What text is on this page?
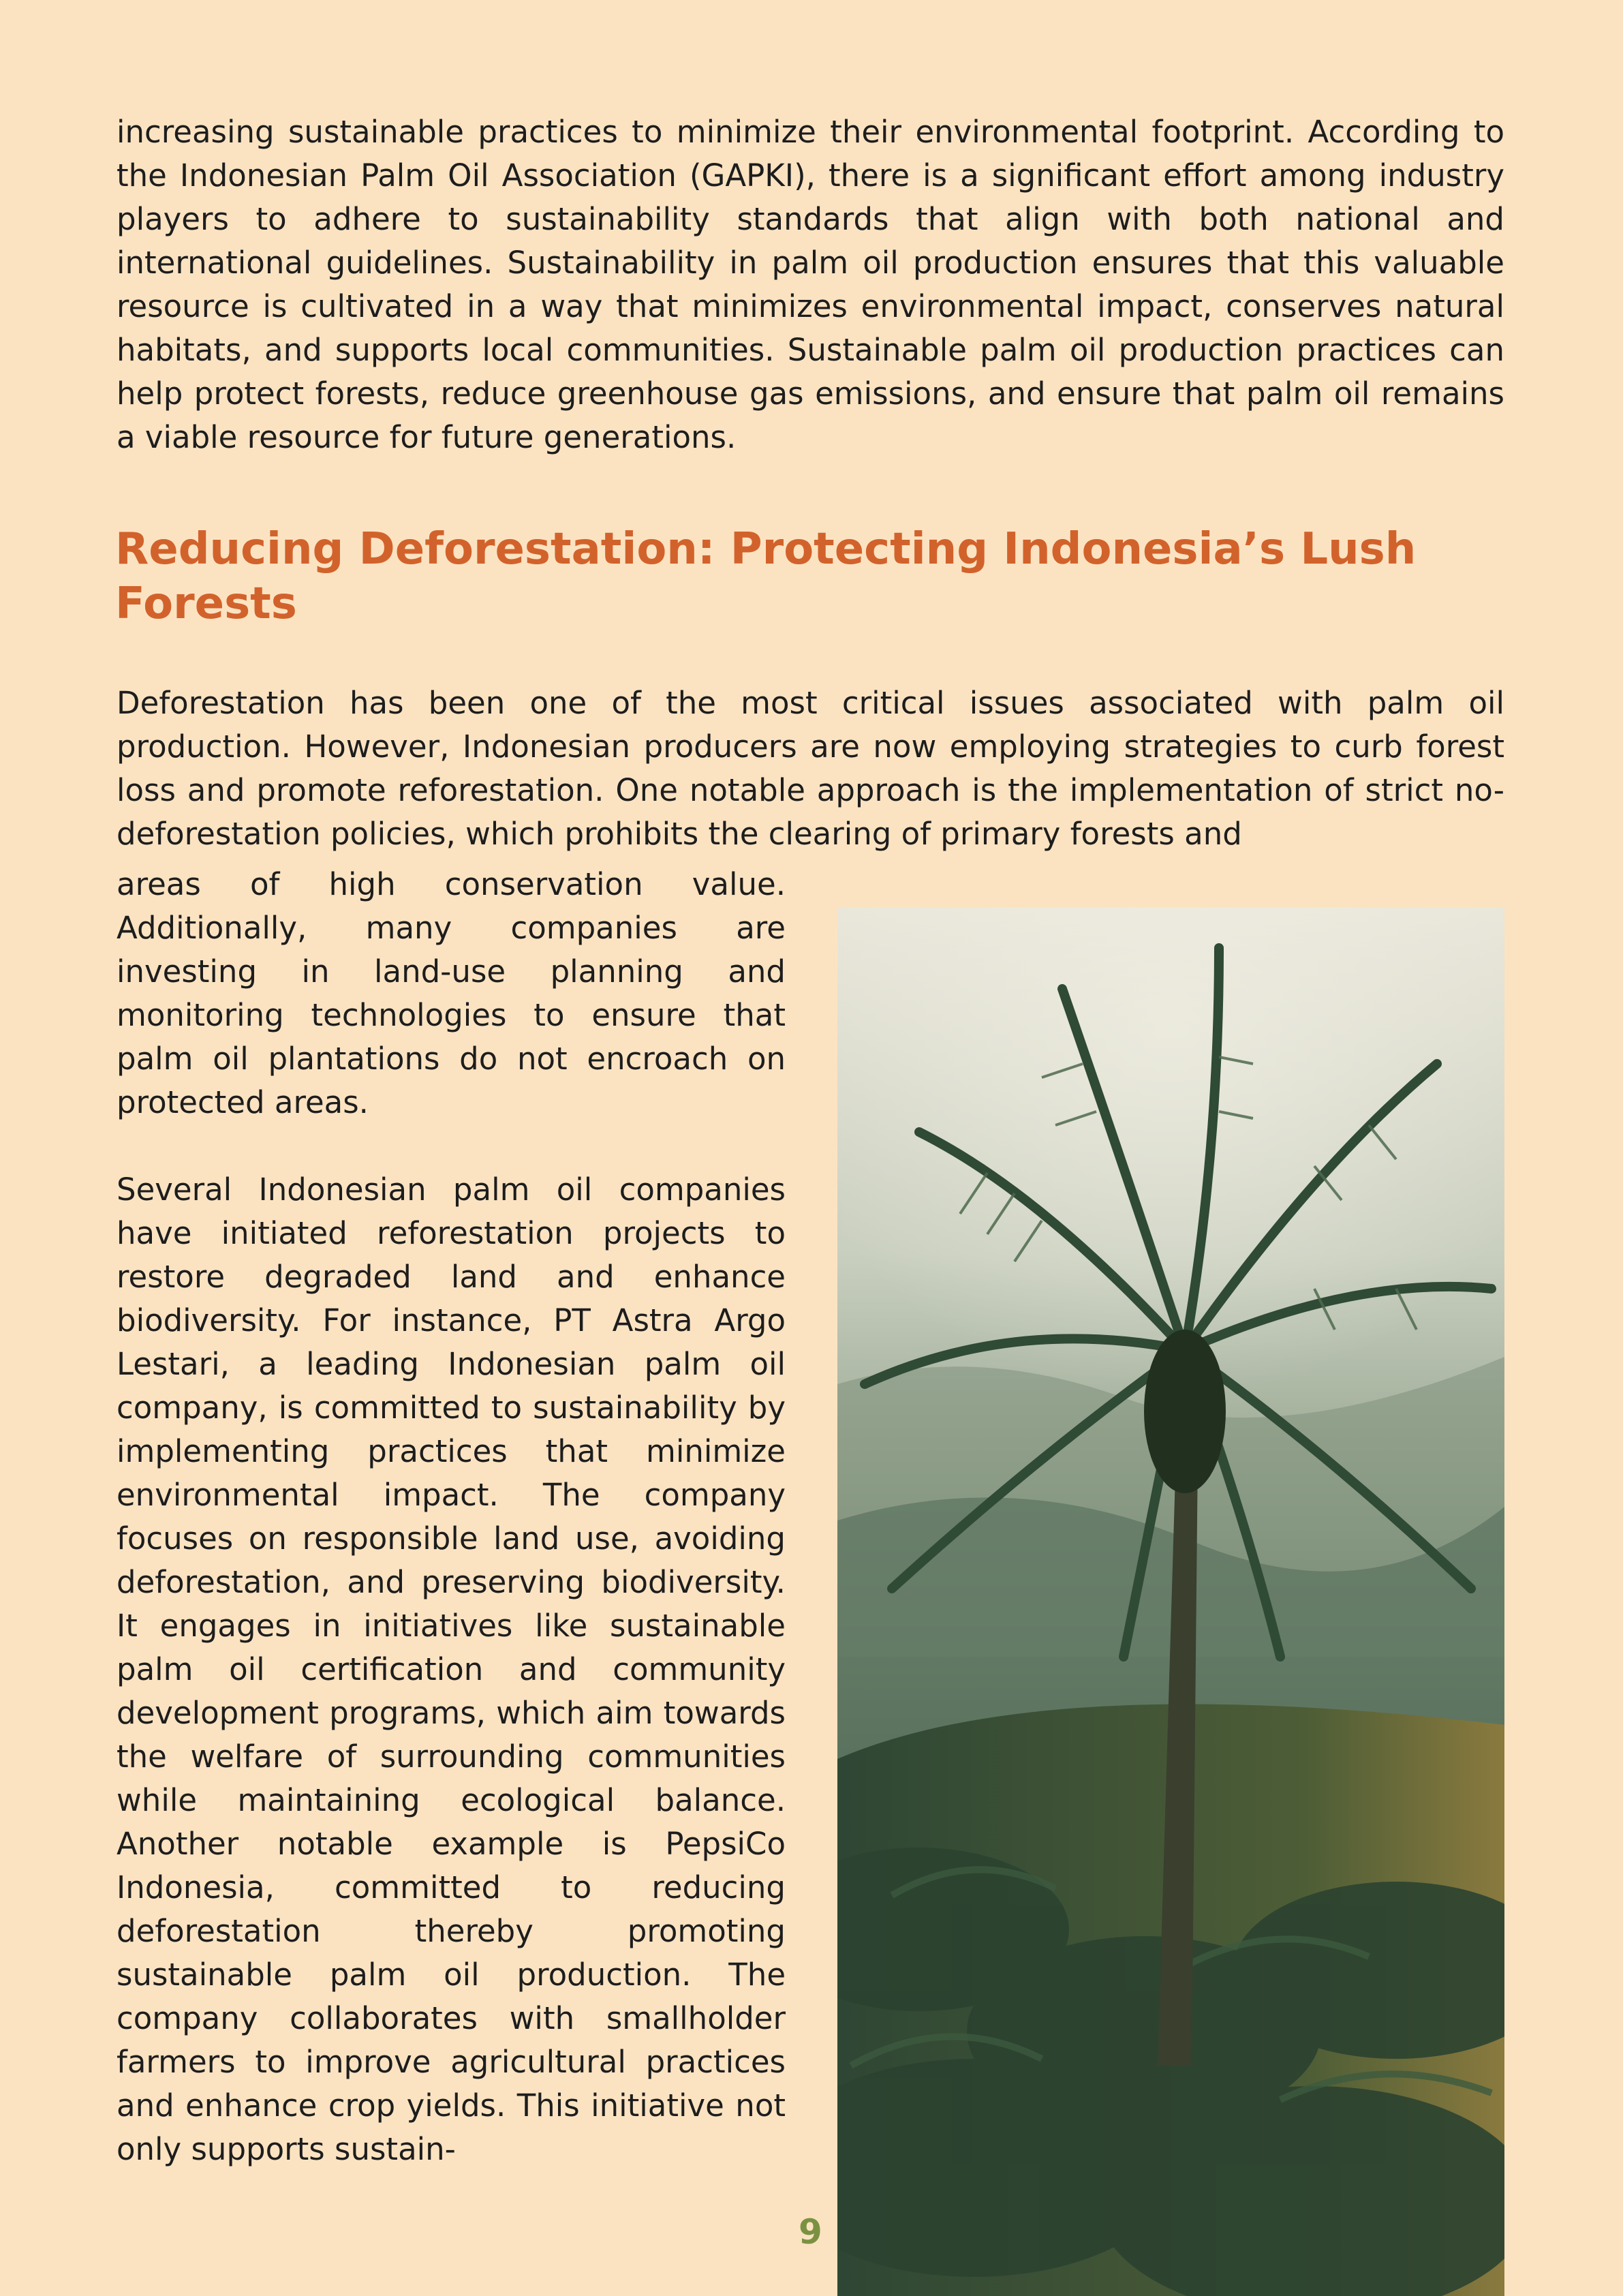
increasing sustainable practices to minimize their environmental footprint. According to the Indonesian Palm Oil Association (GAPKI), there is a significant effort among industry players to adhere to sustainability standards that align with both national and international guidelines. Sustainability in palm oil production ensures that this valuable resource is cultivated in a way that minimizes environmental impact, conserves natural habitats, and supports local communities. Sustainable palm oil production practices can help protect forests, reduce greenhouse gas emissions, and ensure that palm oil remains a viable resource for future generations.

Reducing Deforestation: Protecting Indonesia’s Lush Forests

Deforestation has been one of the most critical issues associated with palm oil production. However, Indonesian producers are now employing strategies to curb forest loss and promote reforestation. One notable approach is the implementation of strict no-deforestation policies, which prohibits the clearing of primary forests and

areas of high conservation value. Additionally, many companies are investing in land-use planning and monitoring technologies to ensure that palm oil plantations do not encroach on protected areas.

Several Indonesian palm oil companies have initiated reforestation projects to restore degraded land and enhance biodiversity. For instance, PT Astra Argo Lestari, a leading Indonesian palm oil company, is committed to sustainability by implementing practices that minimize environmental impact. The company focuses on responsible land use, avoiding deforestation, and preserving biodiversity. It engages in initiatives like sustainable palm oil certification and community development programs, which aim towards the welfare of surrounding communities while maintaining ecological balance. Another notable example is PepsiCo Indonesia, committed to reducing deforestation thereby promoting sustainable palm oil production. The company collaborates with smallholder farmers to improve agricultural practices and enhance crop yields. This initiative not only supports sustain-

9
